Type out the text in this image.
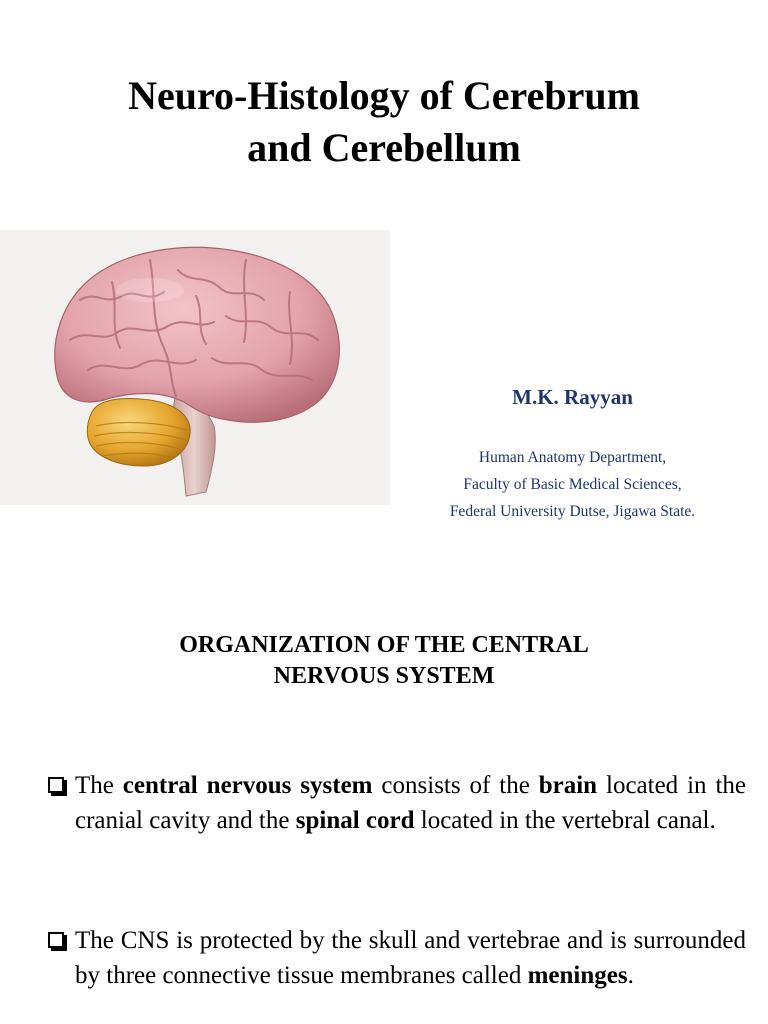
Neuro-Histology of Cerebrum
and Cerebellum
M.K. Rayyan
Human Anatomy Department,
Faculty of Basic Medical Sciences,
Federal University Dutse, Jigawa State.
ORGANIZATION OF THE CENTRAL
NERVOUS SYSTEM
The central nervous system consists of the brain located in the cranial cavity and the spinal cord located in the vertebral canal.
The CNS is protected by the skull and vertebrae and is surrounded by three connective tissue membranes called meninges.
